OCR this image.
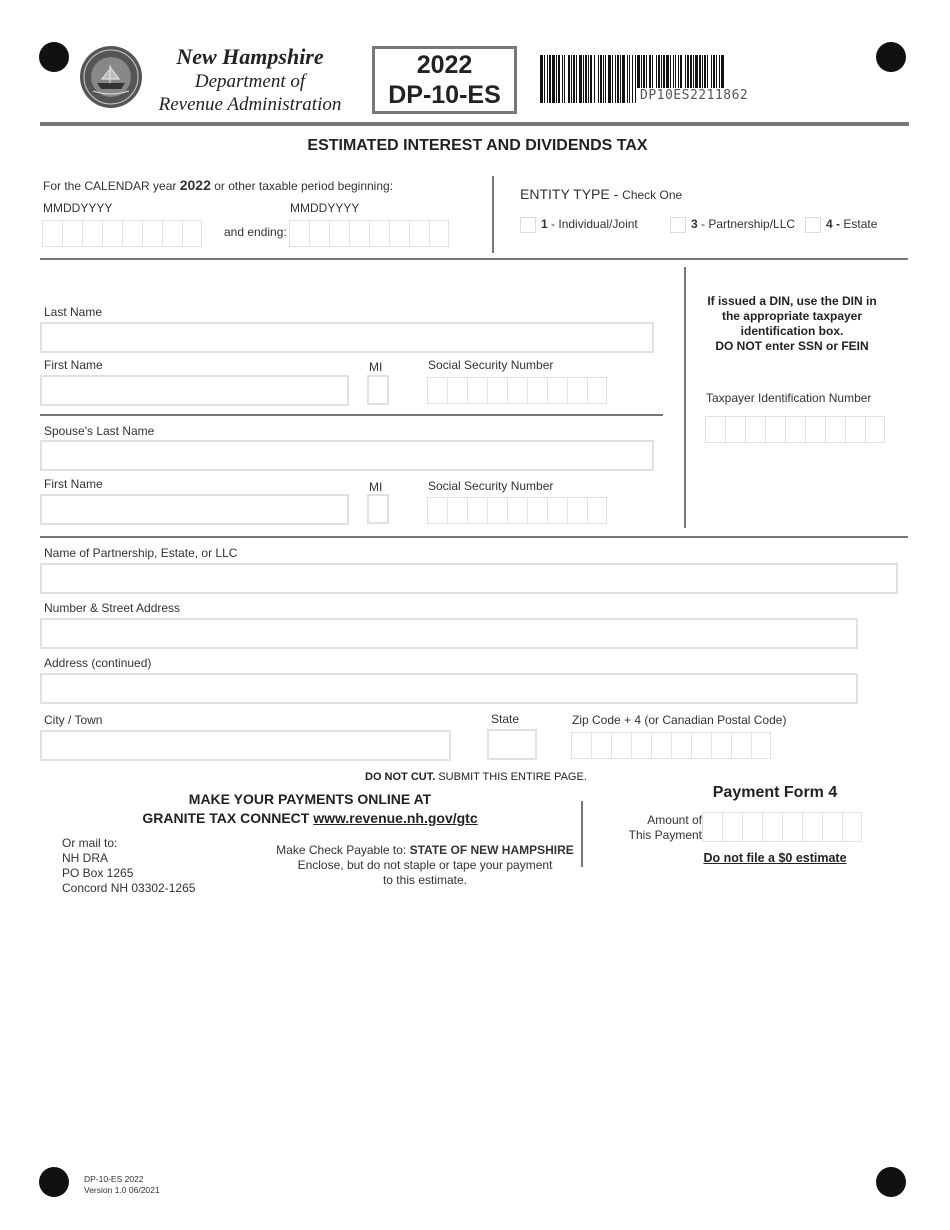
New Hampshire
Department of
Revenue Administration
2022
DP-10-ES	DP10ES2211862
ESTIMATED INTEREST AND DIVIDENDS TAX
For the CALENDAR year 2022 or other taxable period beginning:
MMDDYYYY	MMDDYYYY
and ending:
ENTITY TYPE - Check One
1 - Individual/Joint	3 - Partnership/LLC	4 - Estate
Last Name
First Name	MI	Social Security Number
Spouse's Last Name
First Name	MI	Social Security Number
If issued a DIN, use the DIN in
the appropriate taxpayer
identification box.
DO NOT enter SSN or FEIN
Taxpayer Identification Number
Name of Partnership, Estate, or LLC
Number & Street Address
Address (continued)
City / Town	State	Zip Code + 4 (or Canadian Postal Code)
DO NOT CUT. SUBMIT THIS ENTIRE PAGE.
MAKE YOUR PAYMENTS ONLINE AT
GRANITE TAX CONNECT www.revenue.nh.gov/gtc
Or mail to:
NH DRA
PO Box 1265
Concord NH 03302-1265
Make Check Payable to: STATE OF NEW HAMPSHIRE
Enclose, but do not staple or tape your payment
to this estimate.
Payment Form 4
Amount of
This Payment
Do not file a $0 estimate
DP-10-ES 2022
Version 1.0 06/2021
